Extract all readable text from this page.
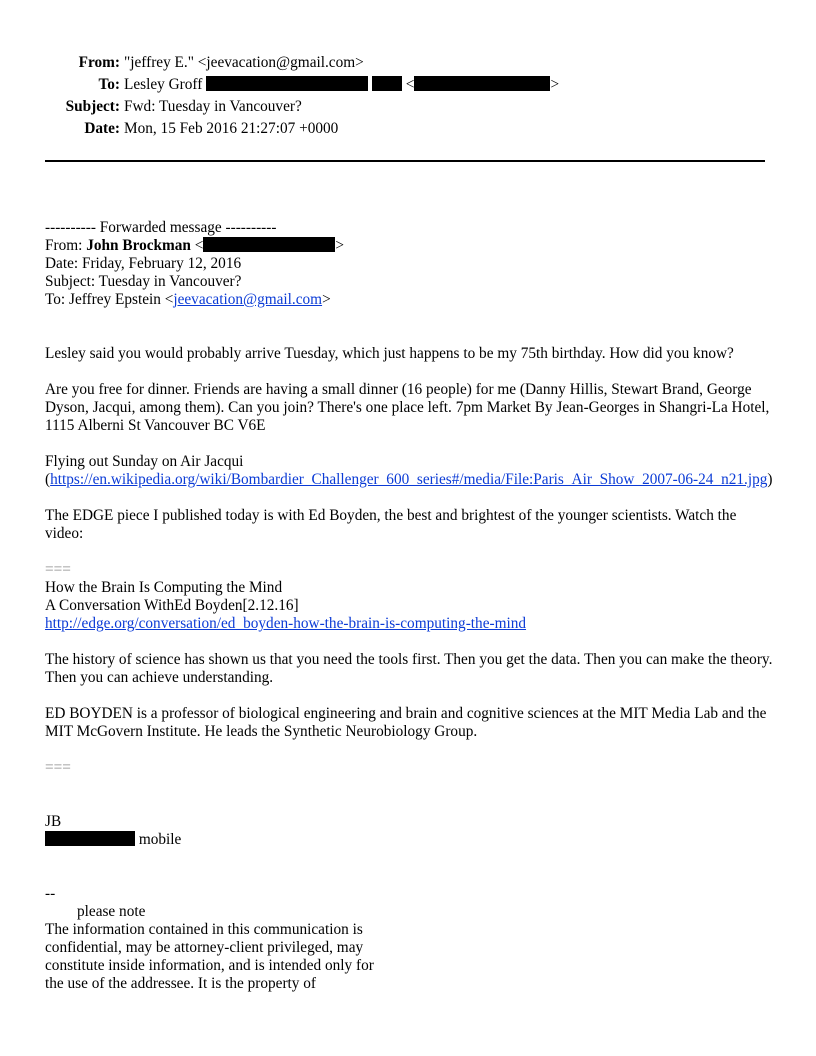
From: "jeffrey E." <jeevacation@gmail.com>
To: Lesley Groff	<	>
Subject: Fwd: Tuesday in Vancouver?
Date: Mon, 15 Feb 2016 21:27:07 +0000

---------- Forwarded message ----------

From: John Brockman <	>

Date: Friday, February 12, 2016

Subject: Tuesday in Vancouver?

To: Jeffrey Epstein <jeevacation@gmail.com>

Lesley said you would probably arrive Tuesday, which just happens to be my 75th birthday. How did you know?

Are you free for dinner. Friends are having a small dinner (16 people) for me (Danny Hillis, Stewart Brand, George Dyson, Jacqui, among them). Can you join? There's one place left. 7pm Market By Jean-Georges in Shangri-La Hotel, 1115 Alberni St Vancouver BC V6E

Flying out Sunday on Air Jacqui
(https://en.wikipedia.org/wiki/Bombardier_Challenger_600_series#/media/File:Paris_Air_Show_2007-06-24_n21.jpg)

The EDGE piece I published today is with Ed Boyden, the best and brightest of the younger scientists. Watch the video:

===

How the Brain Is Computing the Mind

A Conversation WithEd Boyden[2.12.16]

http://edge.org/conversation/ed_boyden-how-the-brain-is-computing-the-mind

The history of science has shown us that you need the tools first. Then you get the data. Then you can make the theory. Then you can achieve understanding.

ED BOYDEN is a professor of biological engineering and brain and cognitive sciences at the MIT Media Lab and the MIT McGovern Institute. He leads the Synthetic Neurobiology Group.

===

JB

mobile

--

please note

The information contained in this communication is

confidential, may be attorney-client privileged, may

constitute inside information, and is intended only for

the use of the addressee. It is the property of
